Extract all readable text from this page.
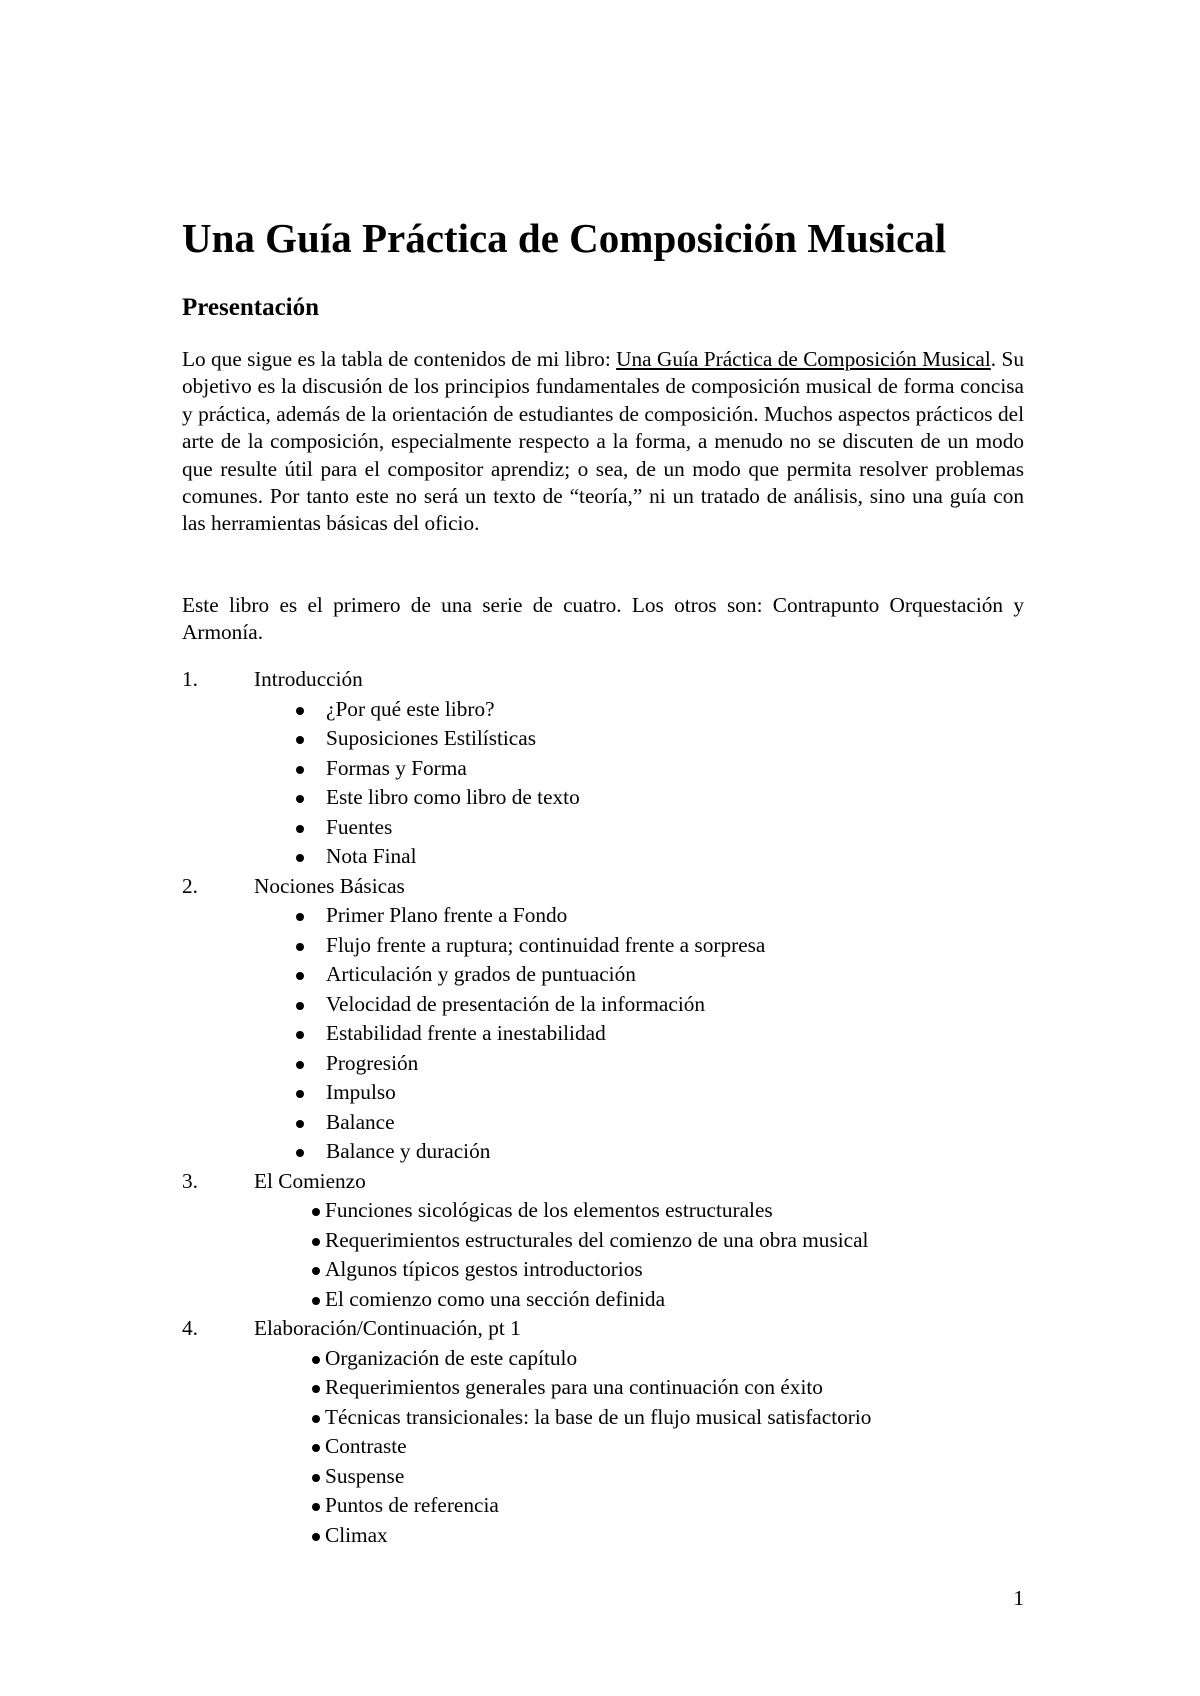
Una Guía Práctica de Composición Musical
Presentación

Lo que sigue es la tabla de contenidos de mi libro: Una Guía Práctica de Composición Musical. Su objetivo es la discusión de los principios fundamentales de composición musical de forma concisa y práctica, además de la orientación de estudiantes de composición. Muchos aspectos prácticos del arte de la composición, especialmente respecto a la forma, a menudo no se discuten de un modo que resulte útil para el compositor aprendiz; o sea, de un modo que permita resolver problemas comunes. Por tanto este no será un texto de “teoría,” ni un tratado de análisis, sino una guía con las herramientas básicas del oficio.

Este libro es el primero de una serie de cuatro. Los otros son: Contrapunto Orquestación y Armonía.

1.	Introducción
¿Por qué este libro?
Suposiciones Estilísticas
Formas y Forma
Este libro como libro de texto
Fuentes
Nota Final
2.	Nociones Básicas
Primer Plano frente a Fondo
Flujo frente a ruptura; continuidad frente a sorpresa
Articulación y grados de puntuación
Velocidad de presentación de la información
Estabilidad frente a inestabilidad
Progresión
Impulso
Balance
Balance y duración
3.	El Comienzo
Funciones sicológicas de los elementos estructurales
Requerimientos estructurales del comienzo de una obra musical
Algunos típicos gestos introductorios
El comienzo como una sección definida
4.	Elaboración/Continuación, pt 1
Organización de este capítulo
Requerimientos generales para una continuación con éxito
Técnicas transicionales: la base de un flujo musical satisfactorio
Contraste
Suspense
Puntos de referencia
Climax
1
